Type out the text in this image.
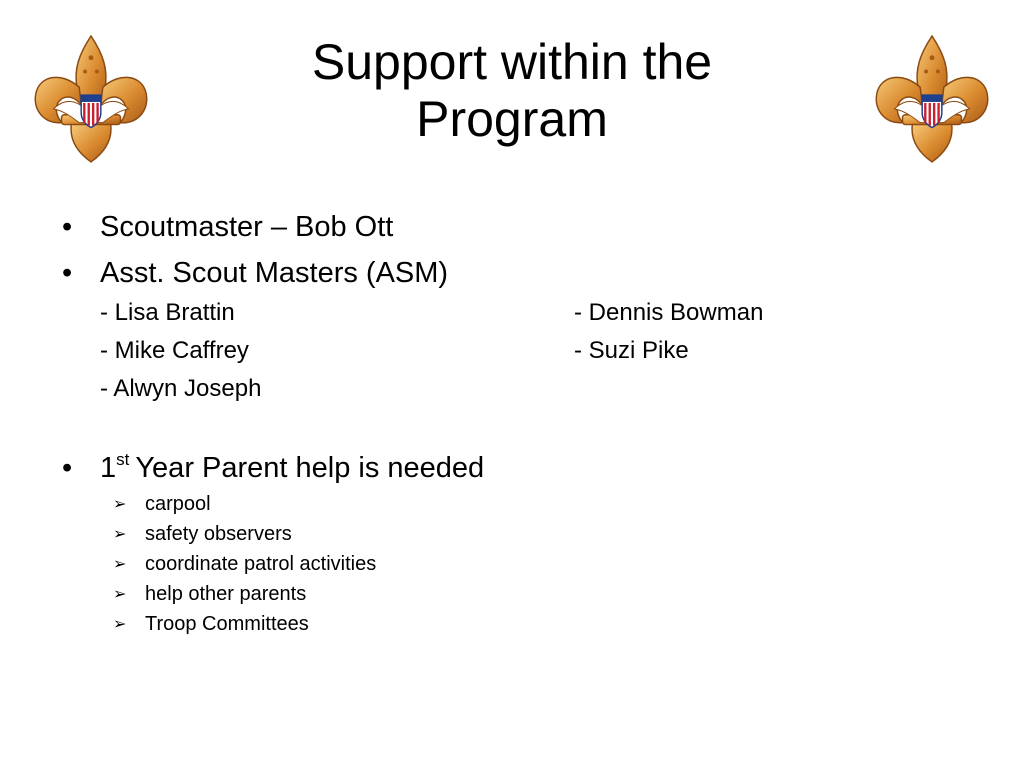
Support within the
Program
• Scoutmaster – Bob Ott
• Asst. Scout Masters (ASM)
- Lisa Brattin
- Mike Caffrey
- Alwyn Joseph
- Dennis Bowman
- Suzi Pike
• 1st Year Parent help is needed
➢ carpool
➢ safety observers
➢ coordinate patrol activities
➢ help other parents
➢ Troop Committees
